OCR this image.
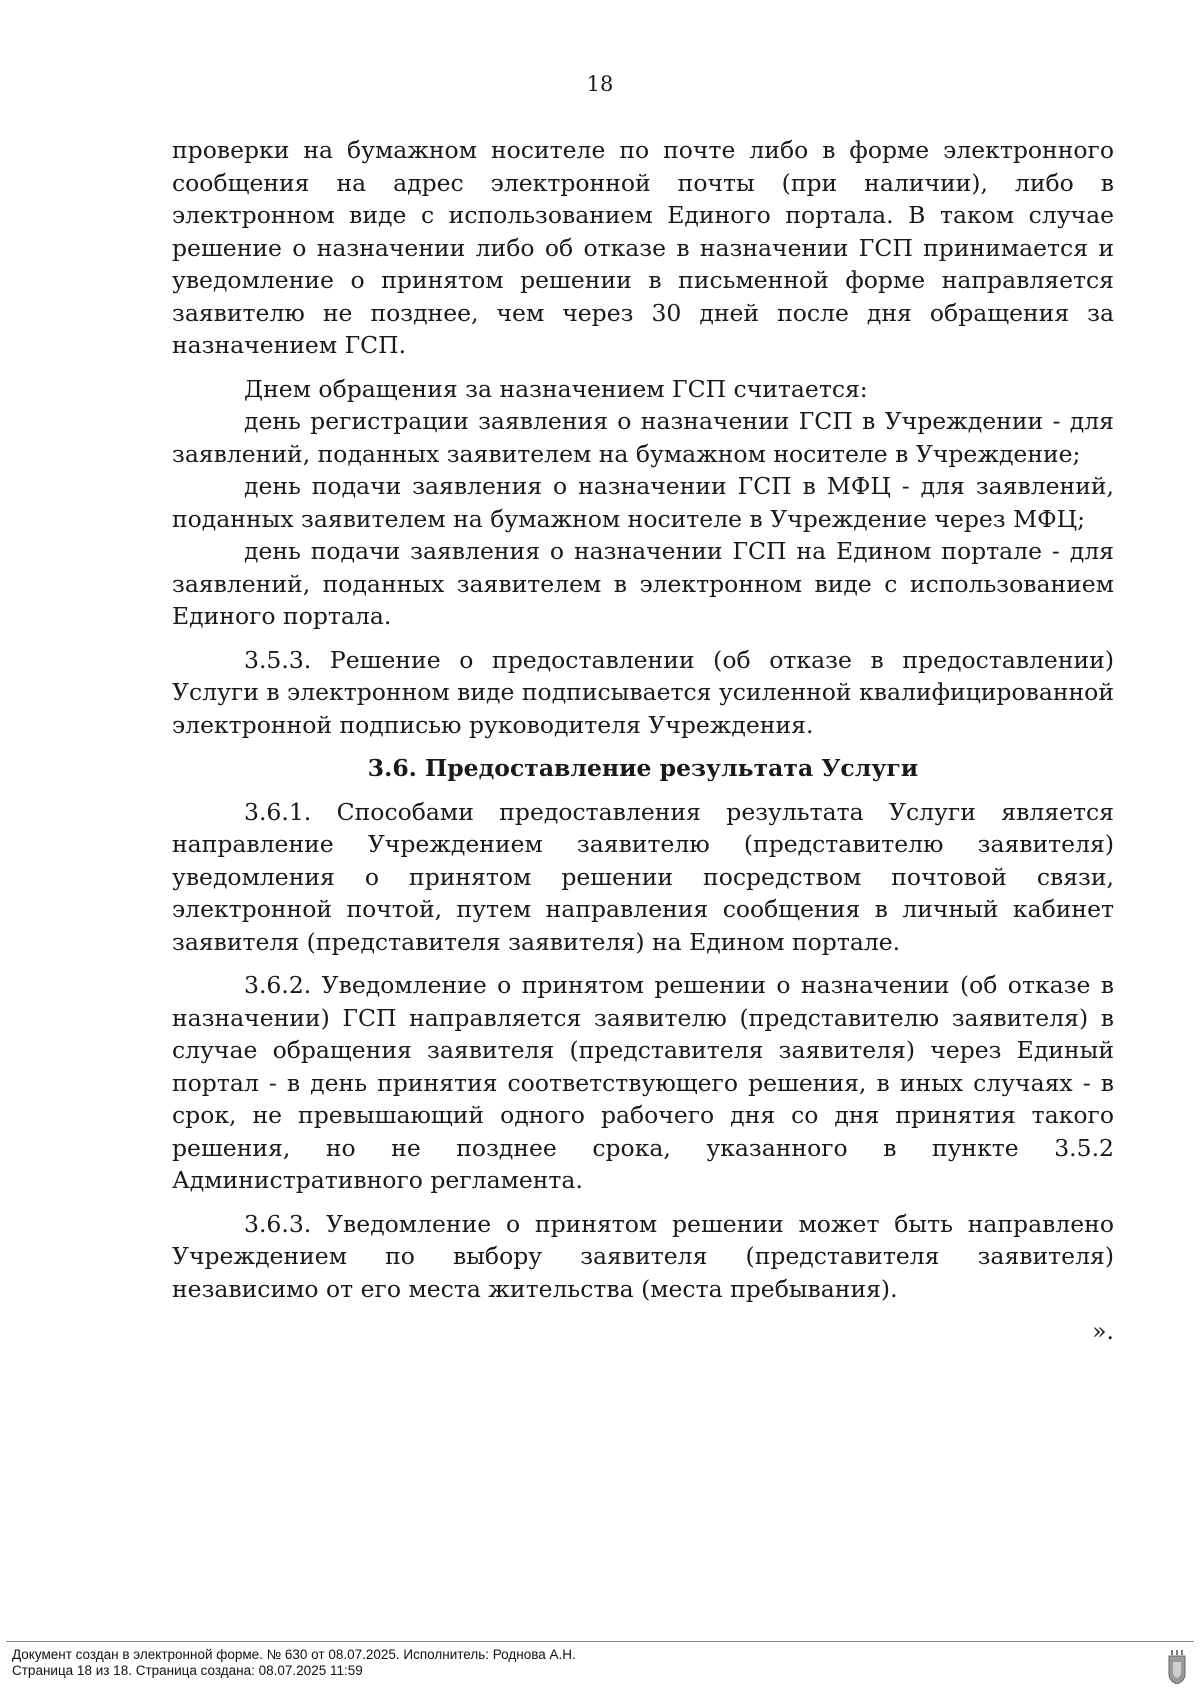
18

проверки на бумажном носителе по почте либо в форме электронного сообщения на адрес электронной почты (при наличии), либо в электронном виде с использованием Единого портала. В таком случае решение о назначении либо об отказе в назначении ГСП принимается и уведомление о принятом решении в письменной форме направляется заявителю не позднее, чем через 30 дней после дня обращения за назначением ГСП.

Днем обращения за назначением ГСП считается:

день регистрации заявления о назначении ГСП в Учреждении - для заявлений, поданных заявителем на бумажном носителе в Учреждение;

день подачи заявления о назначении ГСП в МФЦ - для заявлений, поданных заявителем на бумажном носителе в Учреждение через МФЦ;

день подачи заявления о назначении ГСП на Едином портале - для заявлений, поданных заявителем в электронном виде с использованием Единого портала.

3.5.3. Решение о предоставлении (об отказе в предоставлении) Услуги в электронном виде подписывается усиленной квалифицированной электронной подписью руководителя Учреждения.

3.6. Предоставление результата Услуги

3.6.1. Способами предоставления результата Услуги является направление Учреждением заявителю (представителю заявителя) уведомления о принятом решении посредством почтовой связи, электронной почтой, путем направления сообщения в личный кабинет заявителя (представителя заявителя) на Едином портале.

3.6.2. Уведомление о принятом решении о назначении (об отказе в назначении) ГСП направляется заявителю (представителю заявителя) в случае обращения заявителя (представителя заявителя) через Единый портал - в день принятия соответствующего решения, в иных случаях - в срок, не превышающий одного рабочего дня со дня принятия такого решения, но не позднее срока, указанного в пункте 3.5.2 Административного регламента.

3.6.3. Уведомление о принятом решении может быть направлено Учреждением по выбору заявителя (представителя заявителя) независимо от его места жительства (места пребывания).

».

Документ создан в электронной форме. № 630 от 08.07.2025. Исполнитель: Роднова А.Н.
Страница 18 из 18. Страница создана: 08.07.2025 11:59
